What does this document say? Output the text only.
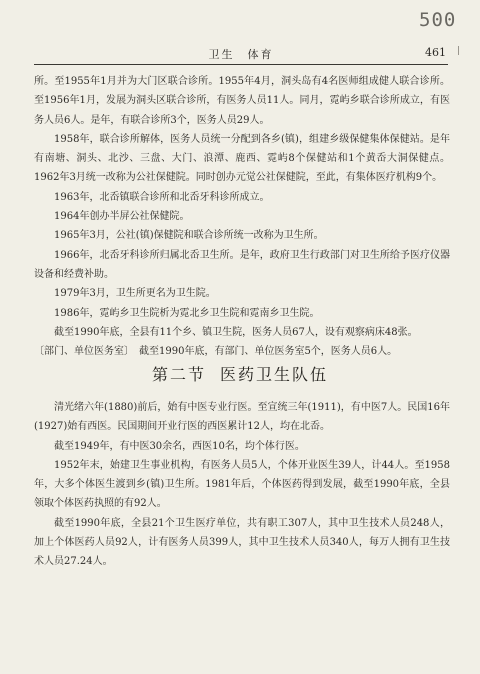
500
卫生　体育	461

所。至1955年1月并为大门区联合诊所。1955年4月，洞头岛有4名医师组成健人联合诊所。至1956年1月，发展为洞头区联合诊所，有医务人员11人。同月，霓屿乡联合诊所成立，有医务人员6人。是年，有联合诊所3个，医务人员29人。

1958年，联合诊所解体，医务人员统一分配到各乡(镇)，组建乡级保健集体保健站。是年有南塘、洞头、北沙、三盘、大门、浪潭、鹿西、霓屿8个保健站和1个黄岙大洞保健点。1962年3月统一改称为公社保健院。同时创办元觉公社保健院，至此，有集体医疗机构9个。

1963年，北岙镇联合诊所和北岙牙科诊所成立。

1964年创办半屏公社保健院。

1965年3月，公社(镇)保健院和联合诊所统一改称为卫生所。

1966年，北岙牙科诊所归属北岙卫生所。是年，政府卫生行政部门对卫生所给予医疗仪器设备和经费补助。

1979年3月，卫生所更名为卫生院。

1986年，霓屿乡卫生院析为霓北乡卫生院和霓南乡卫生院。

截至1990年底，全县有11个乡、镇卫生院，医务人员67人，设有观察病床48张。

〔部门、单位医务室〕　截至1990年底，有部门、单位医务室5个，医务人员6人。

第二节 医药卫生队伍

清光绪六年(1880)前后，始有中医专业行医。至宣统三年(1911)，有中医7人。民国16年(1927)始有西医。民国期间开业行医的西医累计12人，均在北岙。

截至1949年，有中医30余名，西医10名，均个体行医。

1952年末，始建卫生事业机构，有医务人员5人，个体开业医生39人，计44人。至1958年，大多个体医生渡到乡(镇)卫生所。1981年后，个体医药得到发展，截至1990年底，全县领取个体医药执照的有92人。

截至1990年底，全县21个卫生医疗单位，共有职工307人，其中卫生技术人员248人，加上个体医药人员92人，计有医务人员399人，其中卫生技术人员340人，每万人拥有卫生技术人员27.24人。
